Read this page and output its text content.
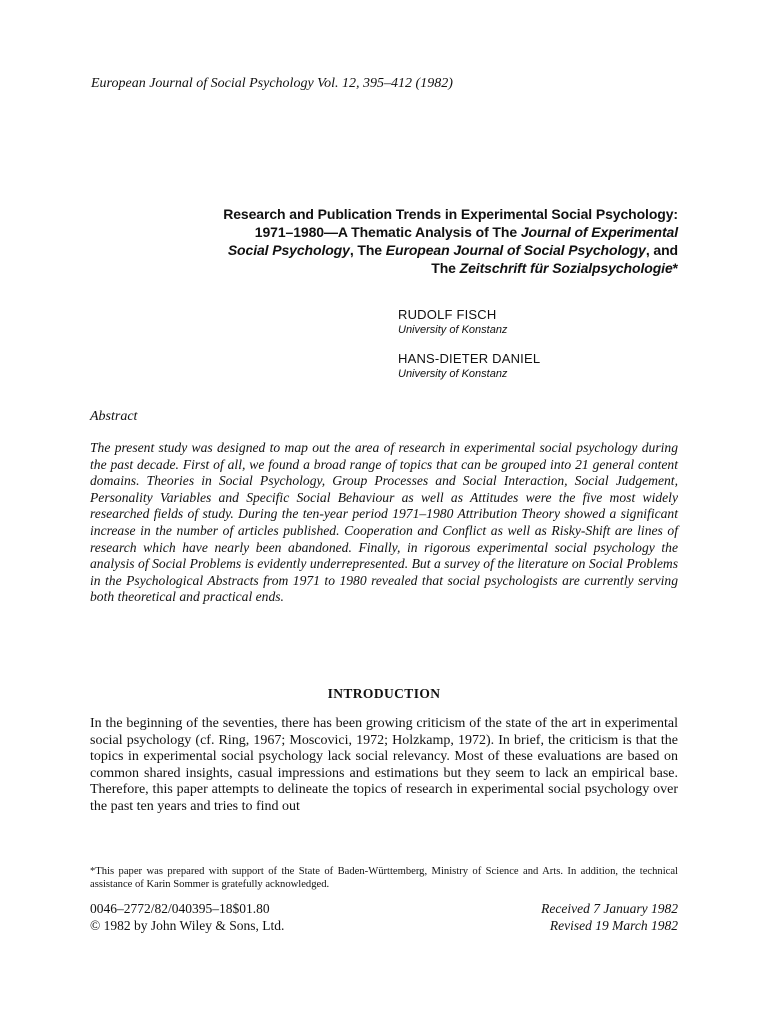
European Journal of Social Psychology Vol. 12, 395–412 (1982)
Research and Publication Trends in Experimental Social Psychology:
1971–1980—A Thematic Analysis of The Journal of Experimental
Social Psychology, The European Journal of Social Psychology, and
The Zeitschrift für Sozialpsychologie*
RUDOLF FISCH
University of Konstanz
HANS-DIETER DANIEL
University of Konstanz
Abstract
The present study was designed to map out the area of research in experimental social psychology during the past decade. First of all, we found a broad range of topics that can be grouped into 21 general content domains. Theories in Social Psychology, Group Processes and Social Interaction, Social Judgement, Personality Variables and Specific Social Behaviour as well as Attitudes were the five most widely researched fields of study. During the ten-year period 1971–1980 Attribution Theory showed a significant increase in the number of articles published. Cooperation and Conflict as well as Risky-Shift are lines of research which have nearly been abandoned. Finally, in rigorous experimental social psychology the analysis of Social Problems is evidently underrepresented. But a survey of the literature on Social Problems in the Psychological Abstracts from 1971 to 1980 revealed that social psychologists are currently serving both theoretical and practical ends.
INTRODUCTION
In the beginning of the seventies, there has been growing criticism of the state of the art in experimental social psychology (cf. Ring, 1967; Moscovici, 1972; Holzkamp, 1972). In brief, the criticism is that the topics in experimental social psychology lack social relevancy. Most of these evaluations are based on common shared insights, casual impressions and estimations but they seem to lack an empirical base. Therefore, this paper attempts to delineate the topics of research in experimental social psychology over the past ten years and tries to find out
*This paper was prepared with support of the State of Baden-Württemberg, Ministry of Science and Arts. In addition, the technical assistance of Karin Sommer is gratefully acknowledged.
0046–2772/82/040395–18$01.80
© 1982 by John Wiley & Sons, Ltd.
Received 7 January 1982
Revised 19 March 1982
